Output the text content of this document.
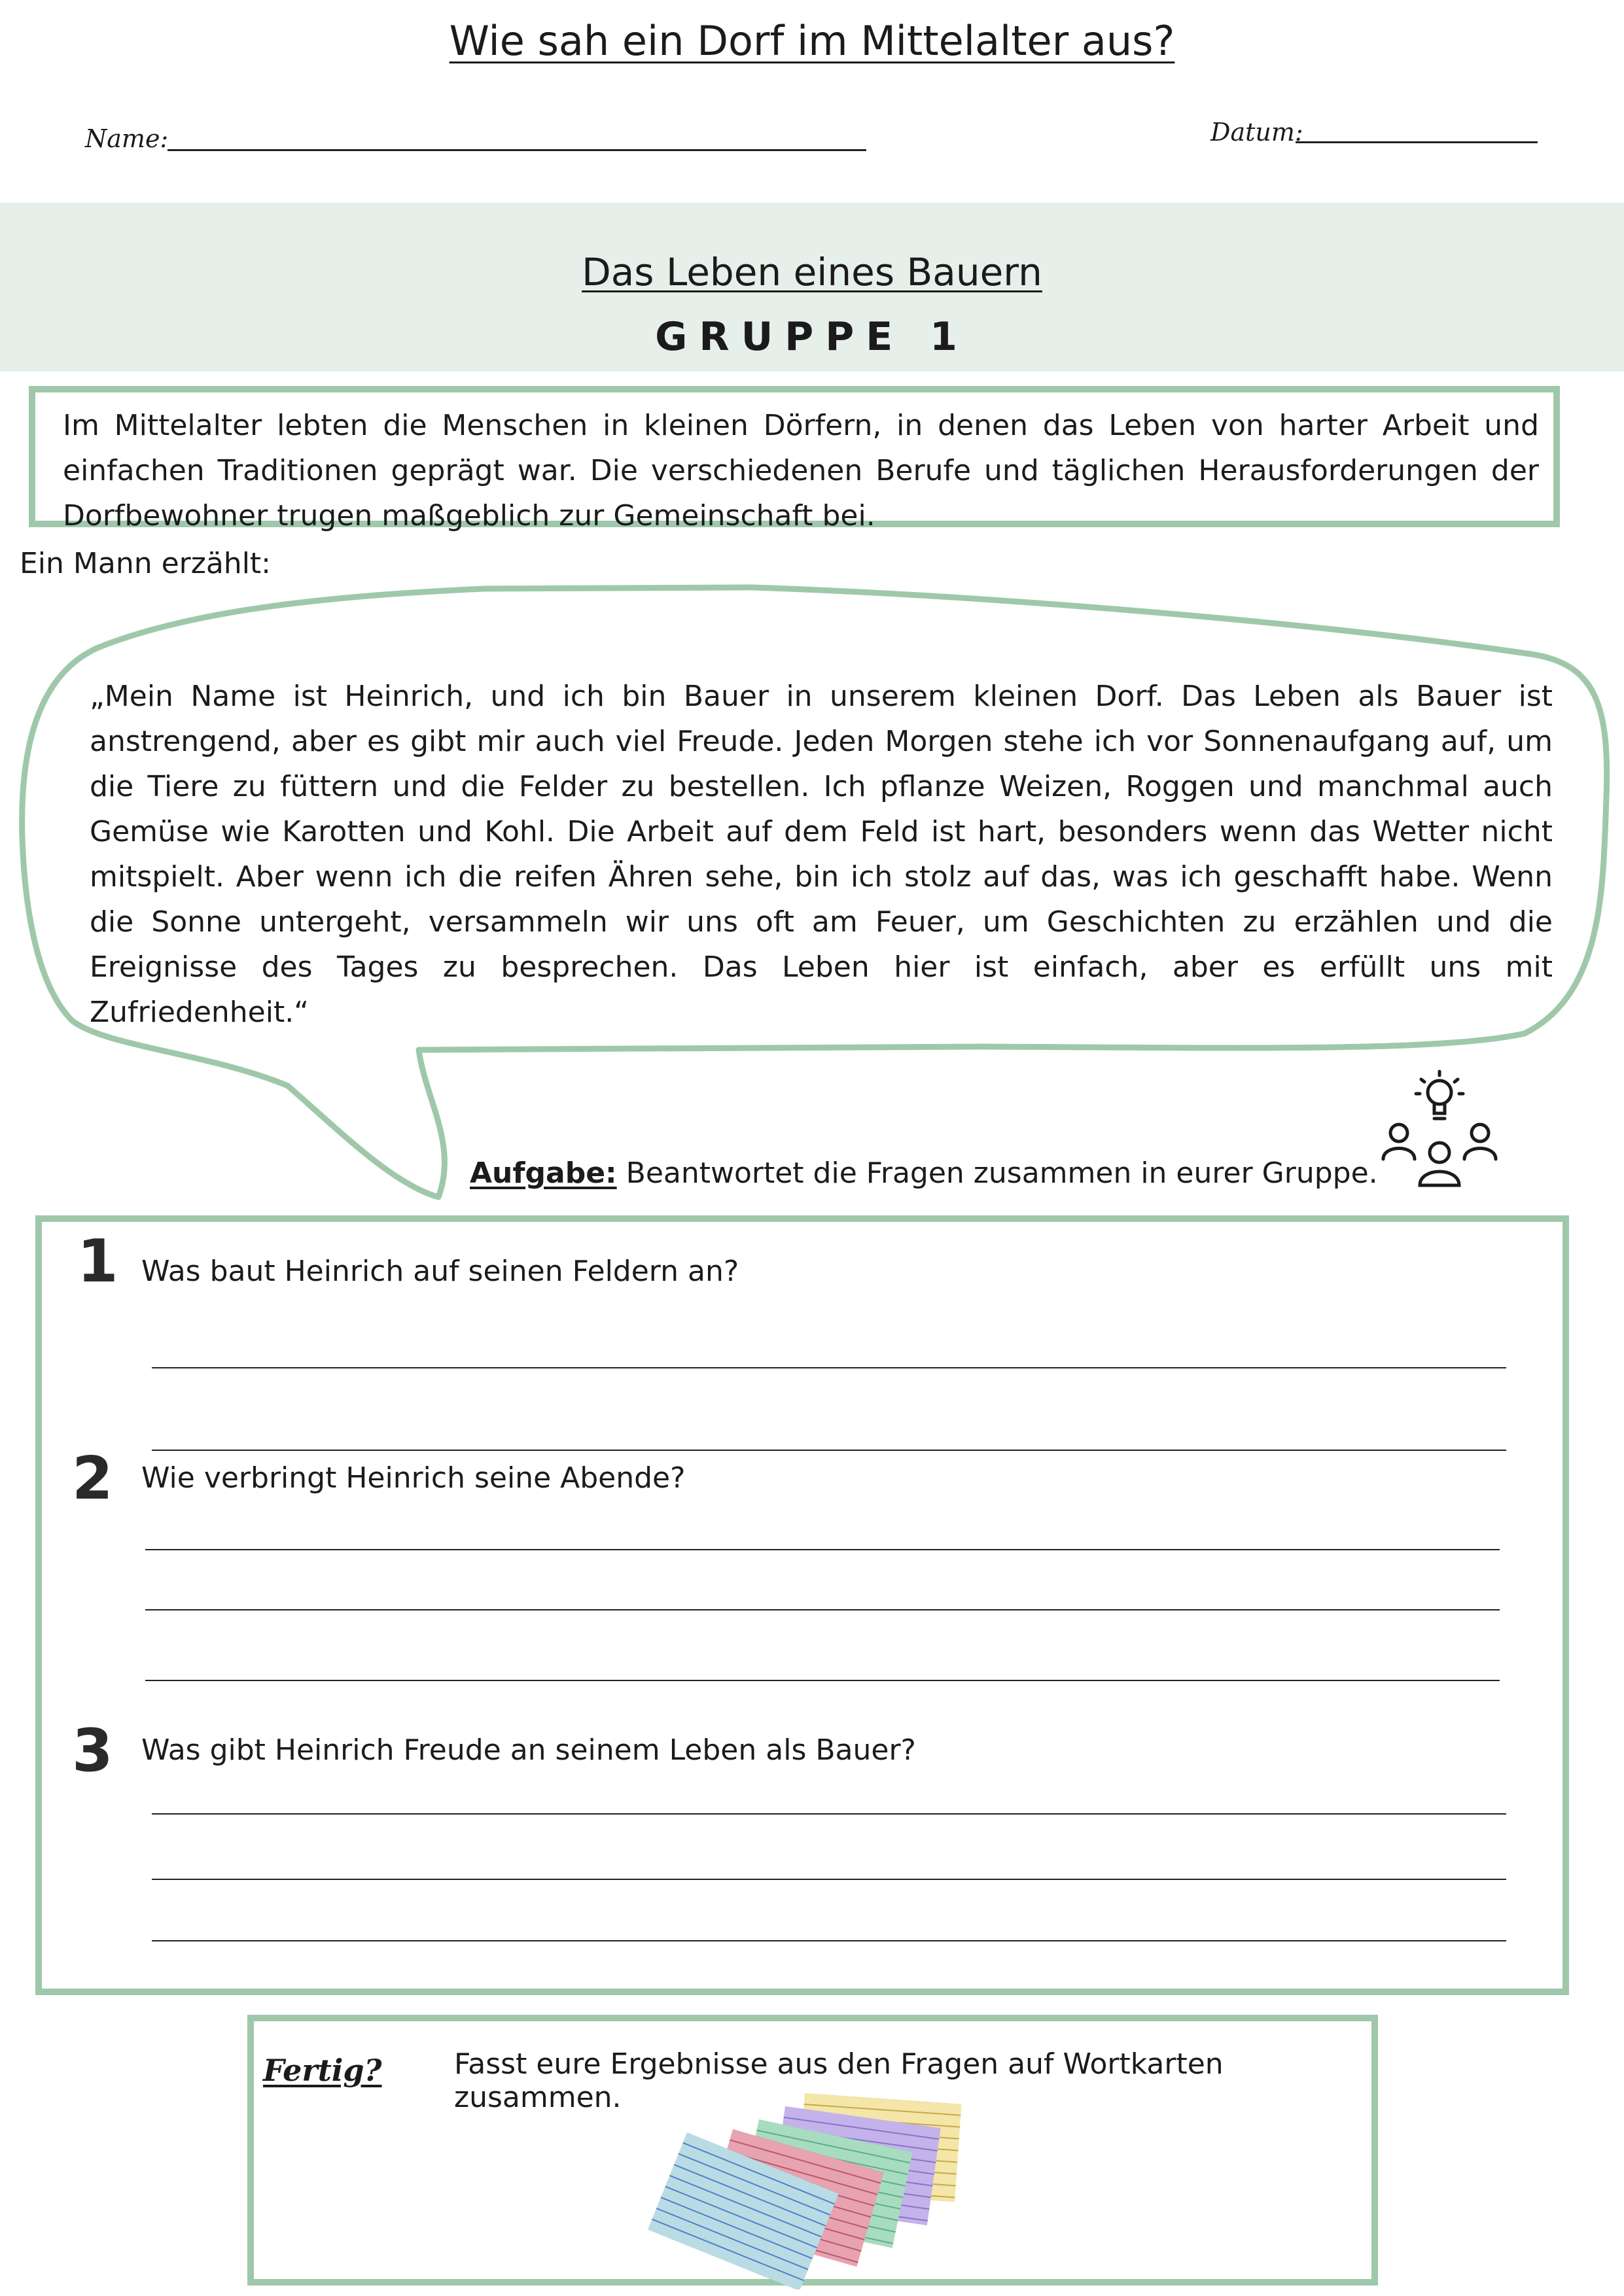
Wie sah ein Dorf im Mittelalter aus?
Name:	Datum:
Das Leben eines Bauern
GRUPPE 1
Im Mittelalter lebten die Menschen in kleinen Dörfern, in denen das Leben von harter Arbeit und einfachen Traditionen geprägt war. Die verschiedenen Berufe und täglichen Herausforderungen der Dorfbewohner trugen maßgeblich zur Gemeinschaft bei.
Ein Mann erzählt:
„Mein Name ist Heinrich, und ich bin Bauer in unserem kleinen Dorf. Das Leben als Bauer ist anstrengend, aber es gibt mir auch viel Freude. Jeden Morgen stehe ich vor Sonnenaufgang auf, um die Tiere zu füttern und die Felder zu bestellen. Ich pflanze Weizen, Roggen und manchmal auch Gemüse wie Karotten und Kohl. Die Arbeit auf dem Feld ist hart, besonders wenn das Wetter nicht mitspielt. Aber wenn ich die reifen Ähren sehe, bin ich stolz auf das, was ich geschafft habe. Wenn die Sonne untergeht, versammeln wir uns oft am Feuer, um Geschichten zu erzählen und die Ereignisse des Tages zu besprechen. Das Leben hier ist einfach, aber es erfüllt uns mit Zufriedenheit.“
Aufgabe: Beantwortet die Fragen zusammen in eurer Gruppe.
1 Was baut Heinrich auf seinen Feldern an?
2 Wie verbringt Heinrich seine Abende?
3 Was gibt Heinrich Freude an seinem Leben als Bauer?
Fertig?	Fasst eure Ergebnisse aus den Fragen auf Wortkarten zusammen.
